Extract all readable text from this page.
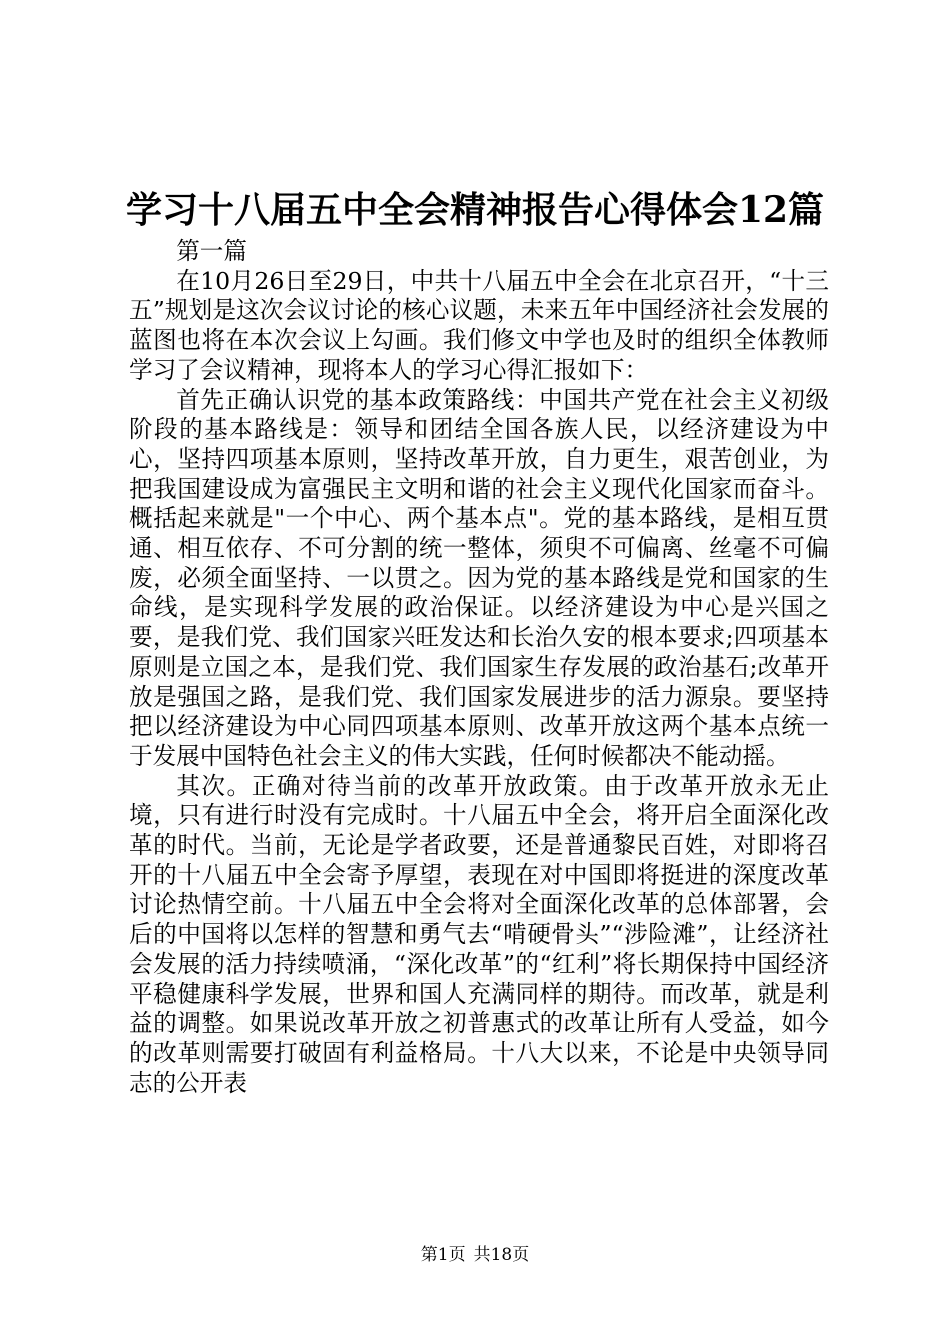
学习十八届五中全会精神报告心得体会12篇

第一篇

在10月26日至29日，中共十八届五中全会在北京召开，“十三五”规划是这次会议讨论的核心议题，未来五年中国经济社会发展的蓝图也将在本次会议上勾画。我们修文中学也及时的组织全体教师学习了会议精神，现将本人的学习心得汇报如下：

首先正确认识党的基本政策路线：中国共产党在社会主义初级阶段的基本路线是：领导和团结全国各族人民，以经济建设为中心，坚持四项基本原则，坚持改革开放，自力更生，艰苦创业，为把我国建设成为富强民主文明和谐的社会主义现代化国家而奋斗。概括起来就是"一个中心、两个基本点"。党的基本路线，是相互贯通、相互依存、不可分割的统一整体，须臾不可偏离、丝毫不可偏废，必须全面坚持、一以贯之。因为党的基本路线是党和国家的生命线，是实现科学发展的政治保证。以经济建设为中心是兴国之要，是我们党、我们国家兴旺发达和长治久安的根本要求;四项基本原则是立国之本，是我们党、我们国家生存发展的政治基石;改革开放是强国之路，是我们党、我们国家发展进步的活力源泉。要坚持把以经济建设为中心同四项基本原则、改革开放这两个基本点统一于发展中国特色社会主义的伟大实践，任何时候都决不能动摇。

其次。正确对待当前的改革开放政策。由于改革开放永无止境，只有进行时没有完成时。十八届五中全会，将开启全面深化改革的时代。当前，无论是学者政要，还是普通黎民百姓，对即将召开的十八届五中全会寄予厚望，表现在对中国即将挺进的深度改革讨论热情空前。十八届五中全会将对全面深化改革的总体部署，会后的中国将以怎样的智慧和勇气去“啃硬骨头”“涉险滩”，让经济社会发展的活力持续喷涌，“深化改革”的“红利”将长期保持中国经济平稳健康科学发展，世界和国人充满同样的期待。而改革，就是利益的调整。如果说改革开放之初普惠式的改革让所有人受益，如今的改革则需要打破固有利益格局。十八大以来，不论是中央领导同志的公开表

第1页 共18页
